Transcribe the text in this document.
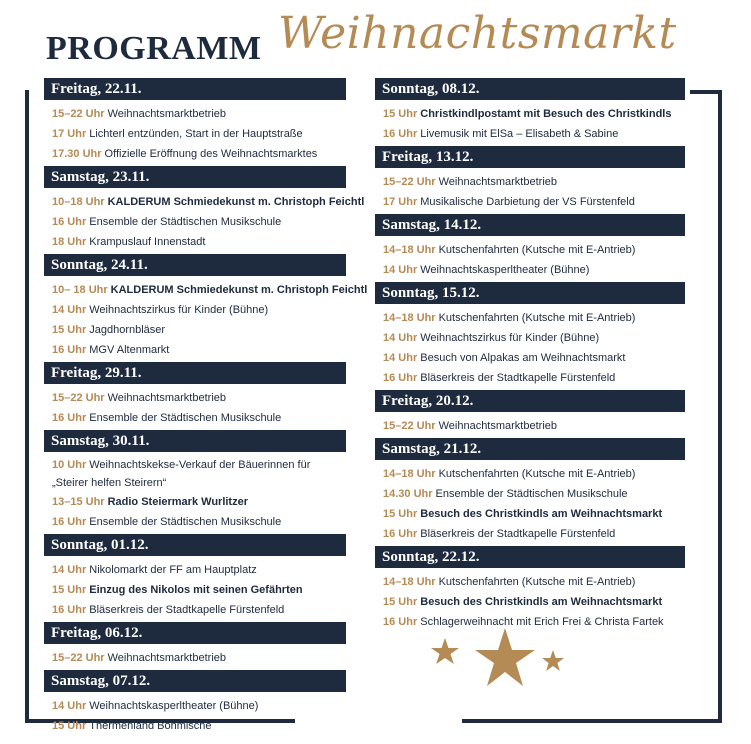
PROGRAMM Weihnachtsmarkt
Freitag, 22.11.
15–22 Uhr Weihnachtsmarktbetrieb
17 Uhr Lichterl entzünden, Start in der Hauptstraße
17.30 Uhr Offizielle Eröffnung des Weihnachtsmarktes
Samstag, 23.11.
10–18 Uhr KALDERUM Schmiedekunst m. Christoph Feichtl
16 Uhr Ensemble der Städtischen Musikschule
18 Uhr Krampuslauf Innenstadt
Sonntag, 24.11.
10– 18 Uhr KALDERUM Schmiedekunst m. Christoph Feichtl
14 Uhr Weihnachtszirkus für Kinder (Bühne)
15 Uhr Jagdhornbläser
16 Uhr MGV Altenmarkt
Freitag, 29.11.
15–22 Uhr Weihnachtsmarktbetrieb
16 Uhr Ensemble der Städtischen Musikschule
Samstag, 30.11.
10 Uhr Weihnachtskekse-Verkauf der Bäuerinnen für „Steirer helfen Steirern“
13–15 Uhr Radio Steiermark Wurlitzer
16 Uhr Ensemble der Städtischen Musikschule
Sonntag, 01.12.
14 Uhr Nikolomarkt der FF am Hauptplatz
15 Uhr Einzug des Nikolos mit seinen Gefährten
16 Uhr Bläserkreis der Stadtkapelle Fürstenfeld
Freitag, 06.12.
15–22 Uhr Weihnachtsmarktbetrieb
Samstag, 07.12.
14 Uhr Weihnachtskasperltheater (Bühne)
15 Uhr Thermenland Böhmische
Sonntag, 08.12.
15 Uhr Christkindlpostamt mit Besuch des Christkindls
16 Uhr Livemusik mit ElSa – Elisabeth & Sabine
Freitag, 13.12.
15–22 Uhr Weihnachtsmarktbetrieb
17 Uhr Musikalische Darbietung der VS Fürstenfeld
Samstag, 14.12.
14–18 Uhr Kutschenfahrten (Kutsche mit E-Antrieb)
14 Uhr Weihnachtskasperltheater (Bühne)
Sonntag, 15.12.
14–18 Uhr Kutschenfahrten (Kutsche mit E-Antrieb)
14 Uhr Weihnachtszirkus für Kinder (Bühne)
14 Uhr Besuch von Alpakas am Weihnachtsmarkt
16 Uhr Bläserkreis der Stadtkapelle Fürstenfeld
Freitag, 20.12.
15–22 Uhr Weihnachtsmarktbetrieb
Samstag, 21.12.
14–18 Uhr Kutschenfahrten (Kutsche mit E-Antrieb)
14.30 Uhr Ensemble der Städtischen Musikschule
15 Uhr Besuch des Christkindls am Weihnachtsmarkt
16 Uhr Bläserkreis der Stadtkapelle Fürstenfeld
Sonntag, 22.12.
14–18 Uhr Kutschenfahrten (Kutsche mit E-Antrieb)
15 Uhr Besuch des Christkindls am Weihnachtsmarkt
16 Uhr Schlagerweihnacht mit Erich Frei & Christa Fartek
